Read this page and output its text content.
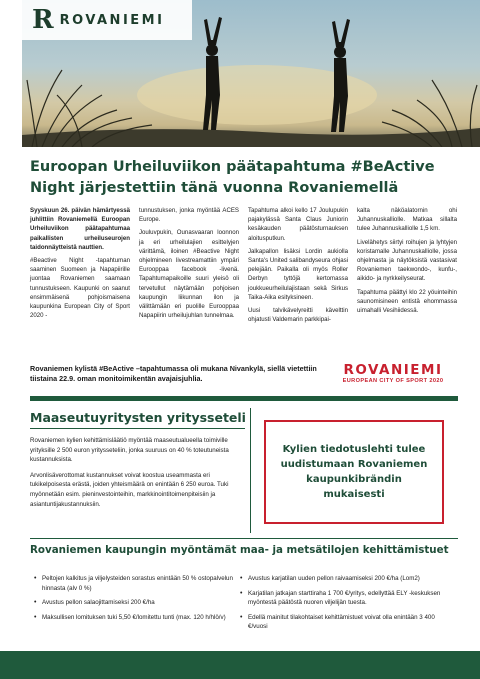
R ROVANIEMI
Euroopan Urheiluviikon päätapahtuma #BeActive Night järjestettiin tänä vuonna Rovaniemellä

Syyskuun 26. päivän hämärtyessä juhlittiin Rovaniemellä Euroopan Urheiluviikon päätapahtumaa paikallisten urheiluseurojen taidonnäytteistä nauttien.

#Beactive Night -tapahtuman saaminen Suomeen ja Napapiirille juontaa Rovaniemen saamaan tunnustukseen. Kaupunki on saanut ensimmäisenä pohjoismaisena kaupunkina European City of Sport 2020 -

tunnustuksen, jonka myöntää ACES Europe.

Jouluvpukin, Ounasvaaran loonnon ja eri urheilulajien esittelyjen värittämä, iloinen #Beactive Night ohjelmineen livestreamattiin ympäri Eurooppaa facebook -livenä. Tapahtumapaikoille suuri yleisö oli tervetullut näytämään pohjoisen kaupungin liikunnan ilon ja välittämään eri puolille Eurooppaa Napapiirin urheilujuhlan tunnelmaa.

Tapahtuma alkoi kello 17 Joulupukin pajakylässä Santa Claus Juniorin kesäkauden päätösturnauksen aloitusputkun.

Jalkapallon lisäksi Lordin aukiolla Santa's United salibandyseura ohjasi pelejään. Paikalla oli myös Roller Derbyn tyttöjä kertomassa joukkueurheilulajistaan sekä Sirkus Taika-Aika esityksineen.

Uusi talvikävelyreitti kävelttin ohjatusti Valdemarin parkkipai-

kalta näköalatornin ohi Juhannuskalliolle. Matkaa sillalta tulee Juhannuskalliolle 1,5 km.

Livelähetys siirtyi roihujen ja lyhtyjen koristamalle Juhannuskalliolle, jossa ohjelmasta ja näytöksistä vastasivat Rovaniemen taekwondo-, kunfu-, aikido- ja nyrkkeilyseurat.

Tapahtuma päättyi klo 22 yöuinteihin saunomisineen entistä ehommassa uimahalli Vesihiidessä.

Rovaniemen kylistä #BeActive –tapahtumassa oli mukana Nivankylä, siellä vietettiin tiistaina 22.9. oman monitoimikentän avajaisjuhlia.

ROVANIEMI
EUROPEAN CITY OF SPORT 2020
Maaseutuyritysten yritysseteli

Rovaniemen kylien kehittämisläätiö myöntää maaseutualueella toimiville yrityksille 2 500 euron yritysseteliin, jonka suuruus on 40 % toteutuneista kustannuksista.

Arvonlisäverottomat kustannukset voivat koostua useammasta eri tukikelpoisesta erästä, joiden yhteismäärä on enintään 6 250 euroa. Tuki myönnetään esim. pieninvestointeihin, markkinointitoimenpiteisiin ja asiantuntijakustannuksiin.

Kylien tiedotuslehti tulee uudistumaan Rovaniemen kaupunkibrändin mukaisesti
Rovaniemen kaupungin myöntämät maa- ja metsätilojen kehittämistuet
• Peltojen kalkitus ja viljelysteiden sorastus enintään 50 % ostopalvelun hinnasta (alv 0 %)
• Avustus pellon salaojittamiseksi 200 €/ha
• Maksullisen lomituksen tuki 5,50 €/lomitettu tunti (max. 120 h/hlö/v)
• Avustus karjatilan uuden pellon raivaamiseksi 200 €/ha (Lom2)
• Karjatilan jatkajan starttiraha 1 700 €/yritys, edellyttää ELY -keskuksen myöntestä päätöstä nuoren viljelijän tuesta.
• Edellä mainitut tilakohtaiset kehittämistuet voivat olla enintään 3 400 €/vuosi
